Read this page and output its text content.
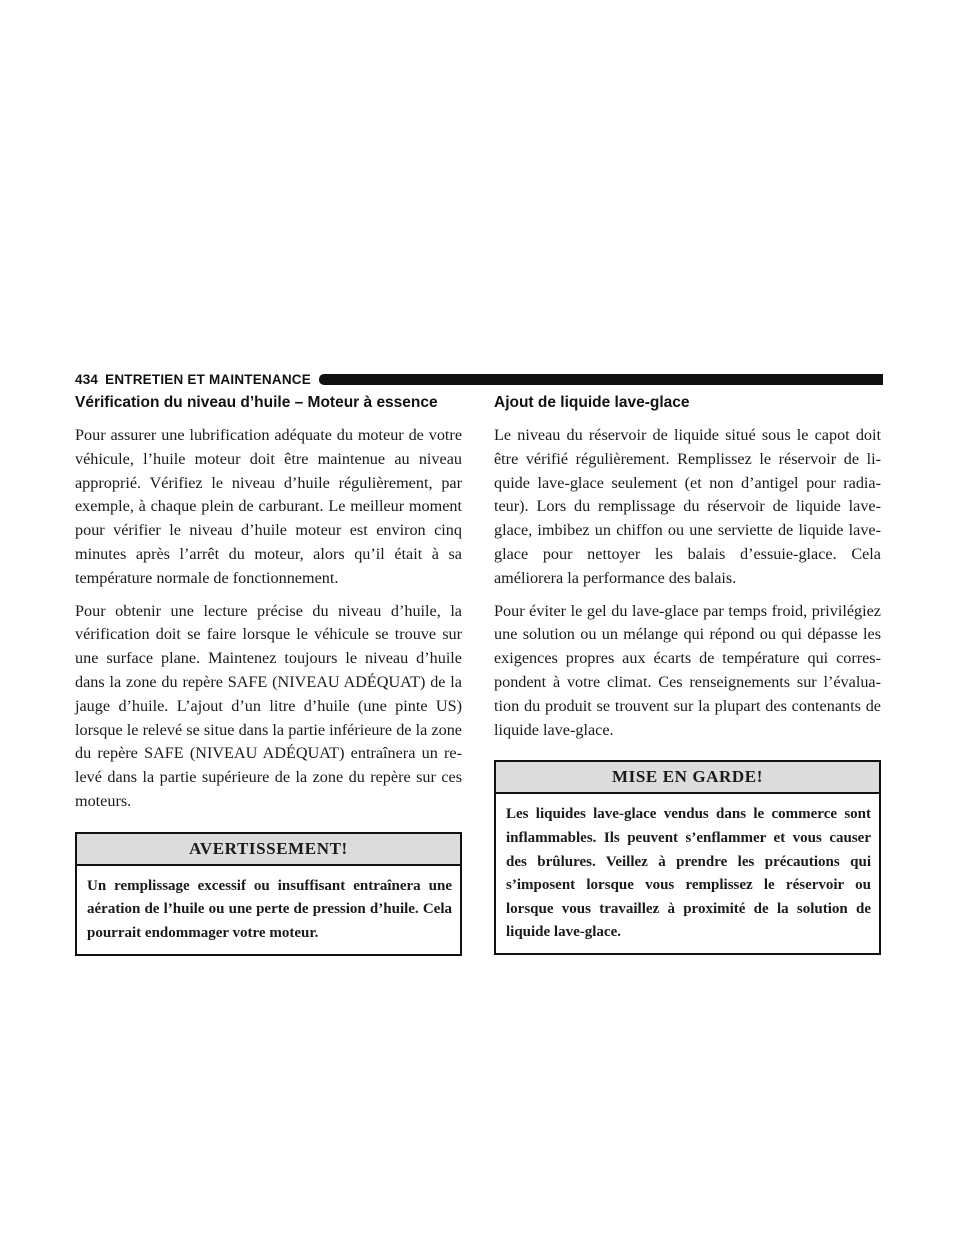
434 ENTRETIEN ET MAINTENANCE
Vérification du niveau d’huile – Moteur à essence

Pour assurer une lubrification adéquate du moteur de votre véhicule, l’huile moteur doit être maintenue au niveau approprié. Vérifiez le niveau d’huile régulièrement, par exemple, à chaque plein de carburant. Le meilleur moment pour vérifier le niveau d’huile moteur est environ cinq minutes après l’arrêt du moteur, alors qu’il était à sa température normale de fonctionnement.

Pour obtenir une lecture précise du niveau d’huile, la vérification doit se faire lorsque le véhicule se trouve sur une surface plane. Maintenez toujours le niveau d’huile dans la zone du repère SAFE (NIVEAU ADÉQUAT) de la jauge d’huile. L’ajout d’un litre d’huile (une pinte US) lorsque le relevé se situe dans la partie inférieure de la zone du repère SAFE (NIVEAU ADÉQUAT) entraînera un re-levé dans la partie supérieure de la zone du repère sur ces moteurs.

AVERTISSEMENT!
Un remplissage excessif ou insuffisant entraînera une aération de l’huile ou une perte de pression d’huile. Cela pourrait endommager votre moteur.
Ajout de liquide lave-glace

Le niveau du réservoir de liquide situé sous le capot doit être vérifié régulièrement. Remplissez le réservoir de li-quide lave-glace seulement (et non d’antigel pour radia-teur). Lors du remplissage du réservoir de liquide lave-glace, imbibez un chiffon ou une serviette de liquide lave-glace pour nettoyer les balais d’essuie-glace. Cela améliorera la performance des balais.

Pour éviter le gel du lave-glace par temps froid, privilégiez une solution ou un mélange qui répond ou qui dépasse les exigences propres aux écarts de température qui corres-pondent à votre climat. Ces renseignements sur l’évalua-tion du produit se trouvent sur la plupart des contenants de liquide lave-glace.

MISE EN GARDE!
Les liquides lave-glace vendus dans le commerce sont inflammables. Ils peuvent s’enflammer et vous causer des brûlures. Veillez à prendre les précautions qui s’imposent lorsque vous remplissez le réservoir ou lorsque vous travaillez à proximité de la solution de liquide lave-glace.
